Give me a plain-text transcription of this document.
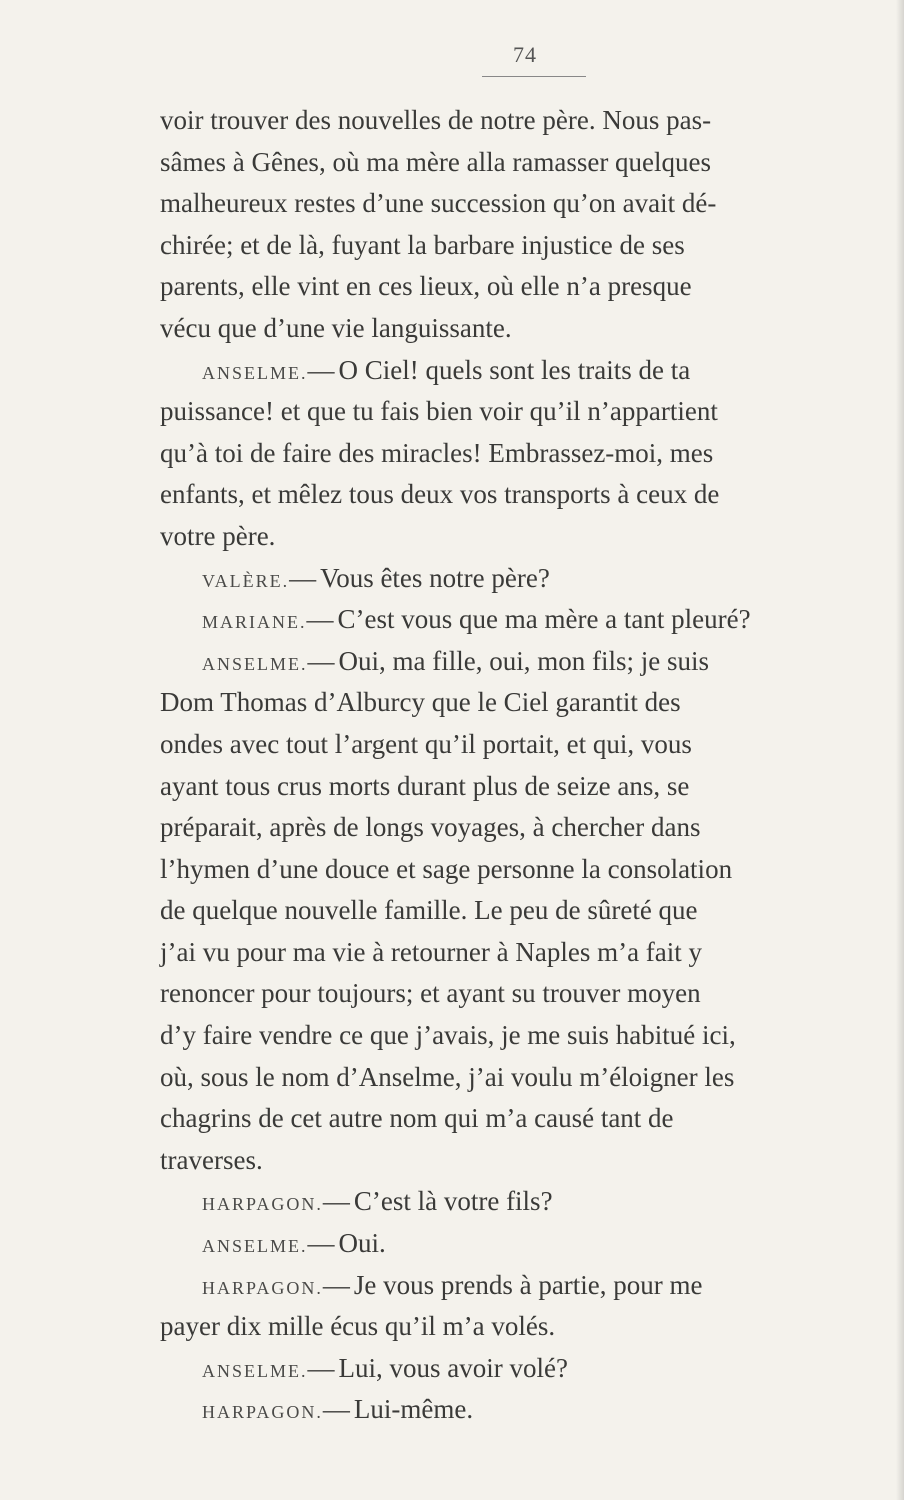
74
voir trouver des nouvelles de notre père. Nous pas-
sâmes à Gênes, où ma mère alla ramasser quelques
malheureux restes d’une succession qu’on avait dé-
chirée; et de là, fuyant la barbare injustice de ses
parents, elle vint en ces lieux, où elle n’a presque
vécu que d’une vie languissante.
ANSELME.— O Ciel! quels sont les traits de ta
puissance! et que tu fais bien voir qu’il n’appartient
qu’à toi de faire des miracles! Embrassez-moi, mes
enfants, et mêlez tous deux vos transports à ceux de
votre père.
VALÈRE.— Vous êtes notre père?
MARIANE.— C’est vous que ma mère a tant pleuré?
ANSELME.— Oui, ma fille, oui, mon fils; je suis
Dom Thomas d’Alburcy que le Ciel garantit des
ondes avec tout l’argent qu’il portait, et qui, vous
ayant tous crus morts durant plus de seize ans, se
préparait, après de longs voyages, à chercher dans
l’hymen d’une douce et sage personne la consolation
de quelque nouvelle famille. Le peu de sûreté que
j’ai vu pour ma vie à retourner à Naples m’a fait y
renoncer pour toujours; et ayant su trouver moyen
d’y faire vendre ce que j’avais, je me suis habitué ici,
où, sous le nom d’Anselme, j’ai voulu m’éloigner les
chagrins de cet autre nom qui m’a causé tant de
traverses.
HARPAGON.— C’est là votre fils?
ANSELME.— Oui.
HARPAGON.— Je vous prends à partie, pour me
payer dix mille écus qu’il m’a volés.
ANSELME.— Lui, vous avoir volé?
HARPAGON.— Lui-même.
